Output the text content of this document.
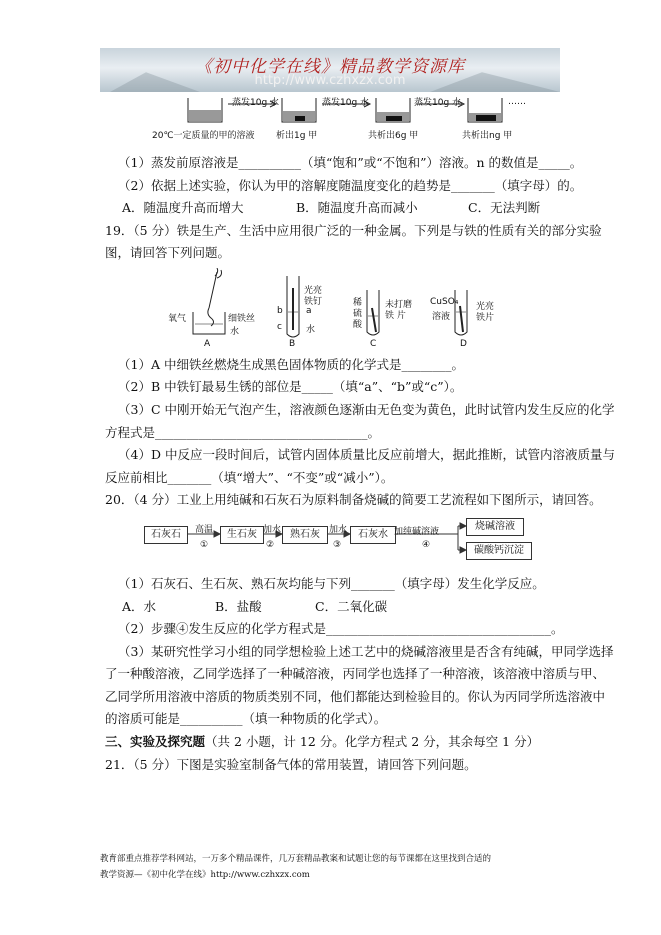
《初中化学在线》精品教学资源库
http://www.czhxzx.com
蒸发10g 水	蒸发10g 水	蒸发10g 水	……
20℃一定质量的甲的溶液 析出1g 甲	共析出6g 甲	共析出ng 甲
（1）蒸发前原溶液是__________（填“饱和”或“不饱和”）溶液。n 的数值是_____。
（2）依据上述实验，你认为甲的溶解度随温度变化的趋势是_______（填字母）的。
A．随温度升高而增大	B．随温度升高而减小	C．无法判断
19．（5 分）铁是生产、生活中应用很广泛的一种金属。下列是与铁的性质有关的部分实验
图，请回答下列问题。
氧气	细铁丝
水
A
光亮
铁钉
b	a
c	水
B
稀
硫
酸
未打磨
铁 片
C
CuSO₄
溶液
光亮
铁片
D
（1）A 中细铁丝燃烧生成黑色固体物质的化学式是________。
（2）B 中铁钉最易生锈的部位是_____（填“a”、“b”或“c”）。
（3）C 中刚开始无气泡产生，溶液颜色逐渐由无色变为黄色，此时试管内发生反应的化学
方程式是__________________________________。
（4）D 中反应一段时间后，试管内固体质量比反应前增大，据此推断，试管内溶液质量与
反应前相比_______（填“增大”、“不变”或“减小”）。
20．（4 分）工业上用纯碱和石灰石为原料制备烧碱的简要工艺流程如下图所示，请回答。
石灰石	高温
①
生石灰 加水
②
熟石灰	加水
③
石灰水 加纯碱溶液
④
烧碱溶液
碳酸钙沉淀
（1）石灰石、生石灰、熟石灰均能与下列_______（填字母）发生化学反应。
A．水	B．盐酸	C．二氧化碳
（2）步骤④发生反应的化学方程式是____________________________________。
（3）某研究性学习小组的同学想检验上述工艺中的烧碱溶液里是否含有纯碱，甲同学选择
了一种酸溶液，乙同学选择了一种碱溶液，丙同学也选择了一种溶液，该溶液中溶质与甲、
乙同学所用溶液中溶质的物质类别不同，他们都能达到检验目的。你认为丙同学所选溶液中
的溶质可能是__________（填一种物质的化学式）。
三、实验及探究题（共 2 小题，计 12 分。化学方程式 2 分，其余每空 1 分）
21．（5 分）下图是实验室制备气体的常用装置，请回答下列问题。
教育部重点推荐学科网站，一万多个精品课件，几万套精品教案和试题让您的每节课都在这里找到合适的
教学资源—《初中化学在线》http://www.czhxzx.com
